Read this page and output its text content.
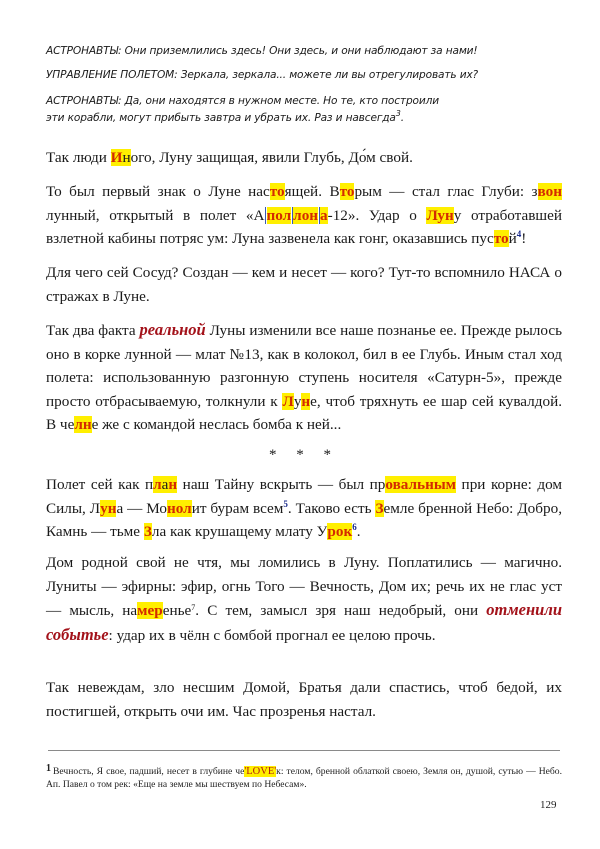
АСТРОНАВТЫ: Они приземлились здесь! Они здесь, и они наблюдают за нами!
УПРАВЛЕНИЕ ПОЛЕТОМ: Зеркала, зеркала... можете ли вы отрегулировать их?
АСТРОНАВТЫ: Да, они находятся в нужном месте. Но те, кто построили
эти корабли, могут прибыть завтра и убрать их. Раз и навсегда$^3$.

Так люди Иного, Луну защищая, явили Глубь, До́м свой.

То был первый знак о Луне настоящей. Вторым — стал глас Глуби: звон лунный, открытый в полет «А пол лон а-12». Удар о Луну отработавшей взлетной кабины потряс ум: Луна зазвенела как гонг, оказавшись пустой$^4$!

Для чего сей Сосуд? Создан — кем и несет — кого? Тут-то вспомнило НАСА о стражах в Луне.

Так два факта реальной Луны изменили все наше познанье ее. Прежде рылось оно в корке лунной — млат №13, как в колокол, бил в ее Глубь. Иным стал ход полета: использованную разгонную ступень носителя «Сатурн-5», прежде просто отбрасываемую, толкнули к Луне, чтоб тряхнуть ее шар сей кувалдой. В челне же с командой неслась бомба к ней...

* * *

Полет сей как план наш Тайну вскрыть — был провальным при корне: дом Силы, Луна — Монолит бурам всем$^5$. Таково есть Земле бренной Небо: Добро, Камнь — тьме Зла как крушащему млату Урок$^6$.

Дом родной свой не чтя, мы ломились в Луну. Поплатились — магично. Луниты — эфирны: эфир, огнь Того — Вечность, Дом их; речь их не глас уст — мысль, намеренье$^7$. С тем, замысл зря наш недобрый, они отменили событье: удар их в чёлн с бомбой прогнал ее целою прочь.

Так невеждам, зло несшим Домой, Братья дали спастись, чтоб бедой, их постигшей, открыть очи им. Час прозренья настал.

1 Вечность, Я свое, падший, несет в глубине че'LOVE'к: телом, бренной облаткой своею, Земля он, душой, сутью — Небо. Ап. Павел о том рек: «Еще на земле мы шествуем по Небесам».
129
